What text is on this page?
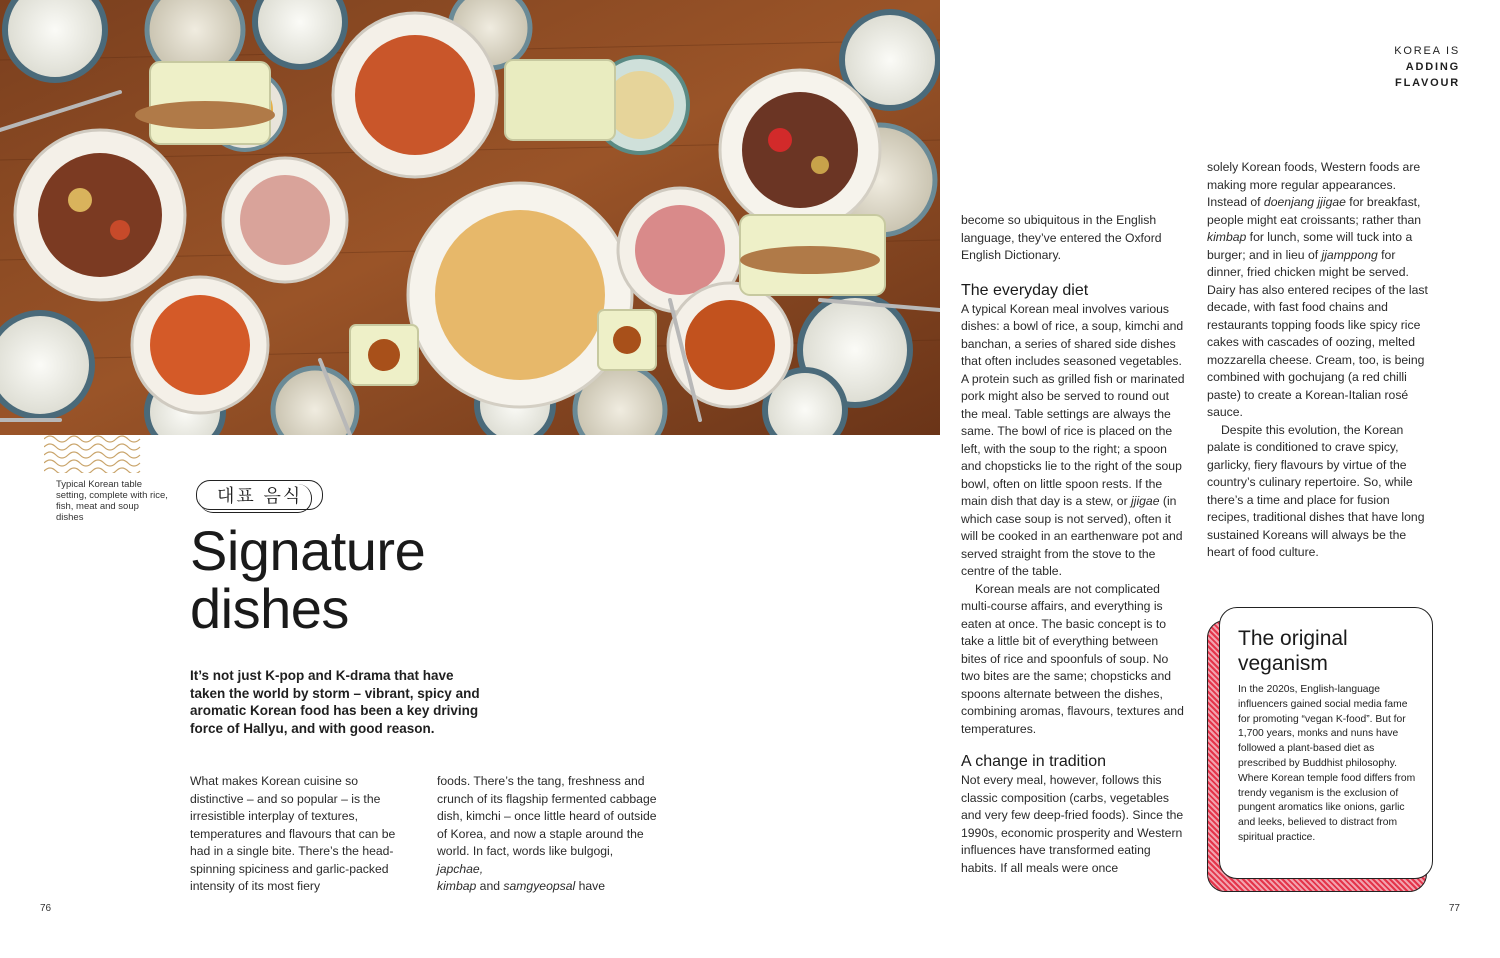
Typical Korean table setting, complete with rice, fish, meat and soup dishes
대표 음식
Signature
dishes
It’s not just K-pop and K-drama that have taken the world by storm – vibrant, spicy and aromatic Korean food has been a key driving force of Hallyu, and with good reason.

What makes Korean cuisine so distinctive – and so popular – is the irresistible interplay of textures, temperatures and flavours that can be had in a single bite. There’s the head-spinning spiciness and garlic-packed intensity of its most fiery

foods. There’s the tang, freshness and crunch of its flagship fermented cabbage dish, kimchi – once little heard of outside of Korea, and now a staple around the world. In fact, words like bulgogi, japchae,
kimbap and samgyeopsal have

become so ubiquitous in the English language, they’ve entered the Oxford English Dictionary.

The everyday diet

A typical Korean meal involves various dishes: a bowl of rice, a soup, kimchi and banchan, a series of shared side dishes that often includes seasoned vegetables. A protein such as grilled fish or marinated pork might also be served to round out the meal. Table settings are always the same. The bowl of rice is placed on the left, with the soup to the right; a spoon and chopsticks lie to the right of the soup bowl, often on little spoon rests. If the main dish that day is a stew, or jjigae (in which case soup is not served), often it will be cooked in an earthenware pot and served straight from the stove to the centre of the table.

Korean meals are not complicated multi-course affairs, and everything is eaten at once. The basic concept is to take a little bit of everything between bites of rice and spoonfuls of soup. No two bites are the same; chopsticks and spoons alternate between the dishes, combining aromas, flavours, textures and temperatures.

A change in tradition

Not every meal, however, follows this classic composition (carbs, vegetables and very few deep-fried foods). Since the 1990s, economic prosperity and Western influences have transformed eating habits. If all meals were once

solely Korean foods, Western foods are making more regular appearances. Instead of doenjang jjigae for breakfast, people might eat croissants; rather than kimbap for lunch, some will tuck into a burger; and in lieu of jjamppong for dinner, fried chicken might be served. Dairy has also entered recipes of the last decade, with fast food chains and restaurants topping foods like spicy rice cakes with cascades of oozing, melted mozzarella cheese. Cream, too, is being combined with gochujang (a red chilli paste) to create a Korean-Italian rosé sauce.

Despite this evolution, the Korean palate is conditioned to crave spicy, garlicky, fiery flavours by virtue of the country’s culinary repertoire. So, while there’s a time and place for fusion recipes, traditional dishes that have long sustained Koreans will always be the heart of food culture.

KOREA IS
ADDING
FLAVOUR
The original veganism
In the 2020s, English-language influencers gained social media fame for promoting “vegan K-food”. But for 1,700 years, monks and nuns have followed a plant-based diet as prescribed by Buddhist philosophy. Where Korean temple food differs from trendy veganism is the exclusion of pungent aromatics like onions, garlic and leeks, believed to distract from spiritual practice.
76	77
